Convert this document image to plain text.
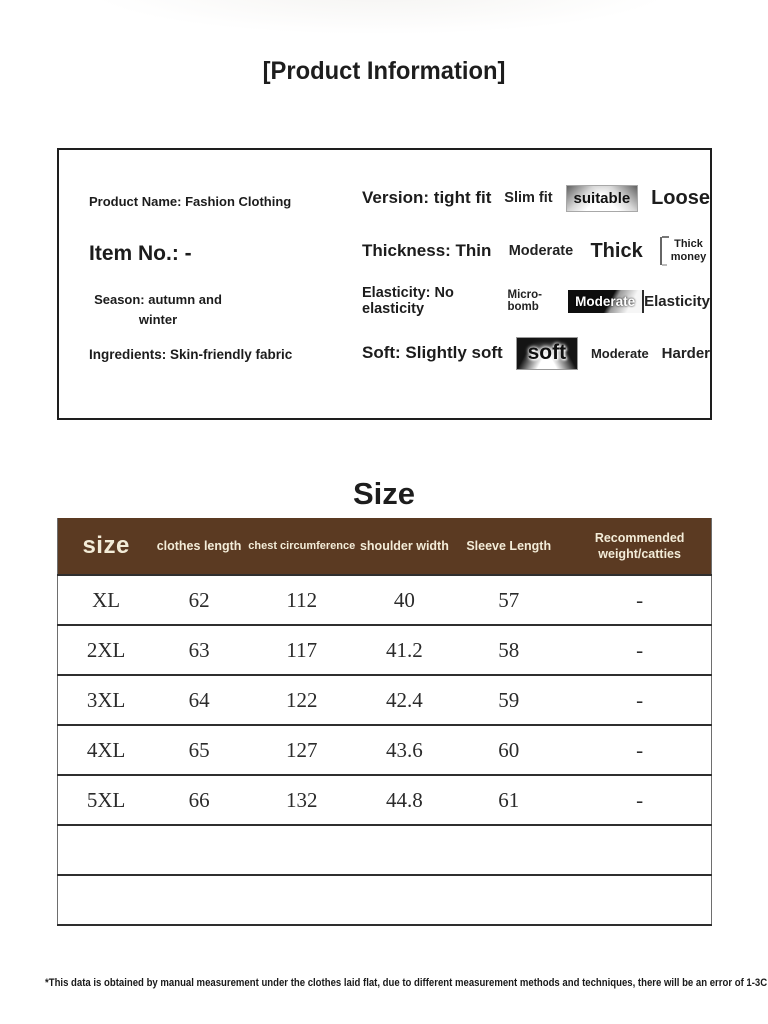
[Product Information]
Product Name: Fashion Clothing
Item No.: -
Season: autumn and
winter
Ingredients: Skin-friendly fabric
Version: tight fit Slim fit	suitable	Loose
Thickness: Thin Moderate Thick	Thick money
Elasticity: No elasticity
Micro-bomb	Moderate Elasticity
Soft: Slightly soft	soft	Moderate Harder
Size
size	clothes length	chest circumference	shoulder width	Sleeve Length	Recommended weight/catties
XL	62	112	40	57	-
2XL	63	117	41.2	58	-
3XL	64	122	42.4	59	-
4XL	65	127	43.6	60	-
5XL	66	132	44.8	61	-

*This data is obtained by manual measurement under the clothes laid flat, due to different measurement methods and techniques, there will be an error of 1-3C
